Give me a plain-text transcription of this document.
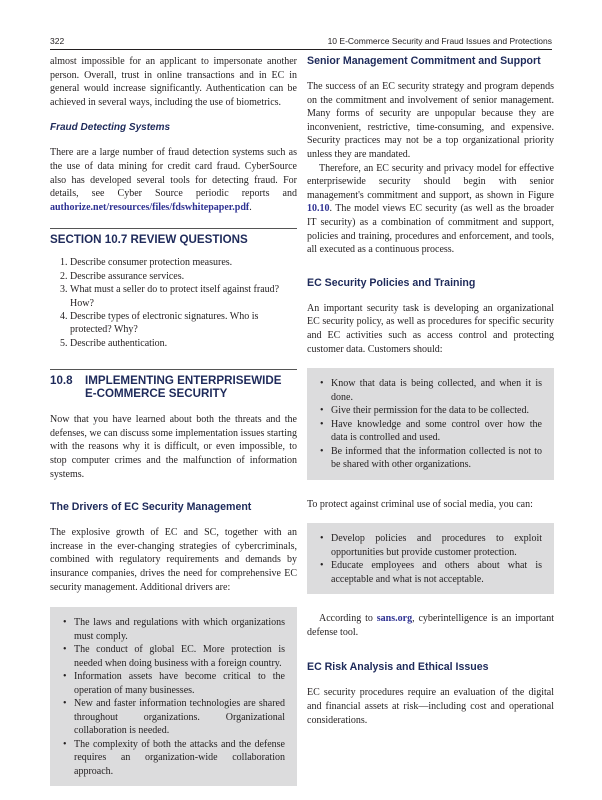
322	10 E-Commerce Security and Fraud Issues and Protections

almost impossible for an applicant to impersonate another person. Overall, trust in online transactions and in EC in general would increase significantly. Authentication can be achieved in several ways, including the use of biometrics.

Fraud Detecting Systems

There are a large number of fraud detection systems such as the use of data mining for credit card fraud. CyberSource also has developed several tools for detecting fraud. For details, see Cyber Source periodic reports and authorize.net/resources/files/fdswhitepaper.pdf.

SECTION 10.7 REVIEW QUESTIONS
1. Describe consumer protection measures.
2. Describe assurance services.
3. What must a seller do to protect itself against fraud? How?
4. Describe types of electronic signatures. Who is protected? Why?
5. Describe authentication.
10.8 IMPLEMENTING ENTERPRISEWIDE E-COMMERCE SECURITY

Now that you have learned about both the threats and the defenses, we can discuss some implementation issues starting with the reasons why it is difficult, or even impossible, to stop computer crimes and the malfunction of information systems.

The Drivers of EC Security Management

The explosive growth of EC and SC, together with an increase in the ever-changing strategies of cybercriminals, combined with regulatory requirements and demands by insurance companies, drives the need for comprehensive EC security management. Additional drivers are:

• The laws and regulations with which organizations must comply.
• The conduct of global EC. More protection is needed when doing business with a foreign country.
• Information assets have become critical to the operation of many businesses.
• New and faster information technologies are shared throughout organizations. Organizational collaboration is needed.
• The complexity of both the attacks and the defense requires an organization-wide collaboration approach.
Senior Management Commitment and Support

The success of an EC security strategy and program depends on the commitment and involvement of senior management. Many forms of security are unpopular because they are inconvenient, restrictive, time-consuming, and expensive. Security practices may not be a top organizational priority unless they are mandated.

Therefore, an EC security and privacy model for effective enterprisewide security should begin with senior management's commitment and support, as shown in Figure 10.10. The model views EC security (as well as the broader IT security) as a combination of commitment and support, policies and training, procedures and enforcement, and tools, all executed as a continuous process.

EC Security Policies and Training

An important security task is developing an organizational EC security policy, as well as procedures for specific security and EC activities such as access control and protecting customer data. Customers should:

• Know that data is being collected, and when it is done.
• Give their permission for the data to be collected.
• Have knowledge and some control over how the data is controlled and used.
• Be informed that the information collected is not to be shared with other organizations.

To protect against criminal use of social media, you can:

• Develop policies and procedures to exploit opportunities but provide customer protection.
• Educate employees and others about what is acceptable and what is not acceptable.

According to sans.org, cyberintelligence is an important defense tool.

EC Risk Analysis and Ethical Issues

EC security procedures require an evaluation of the digital and financial assets at risk—including cost and operational considerations.
